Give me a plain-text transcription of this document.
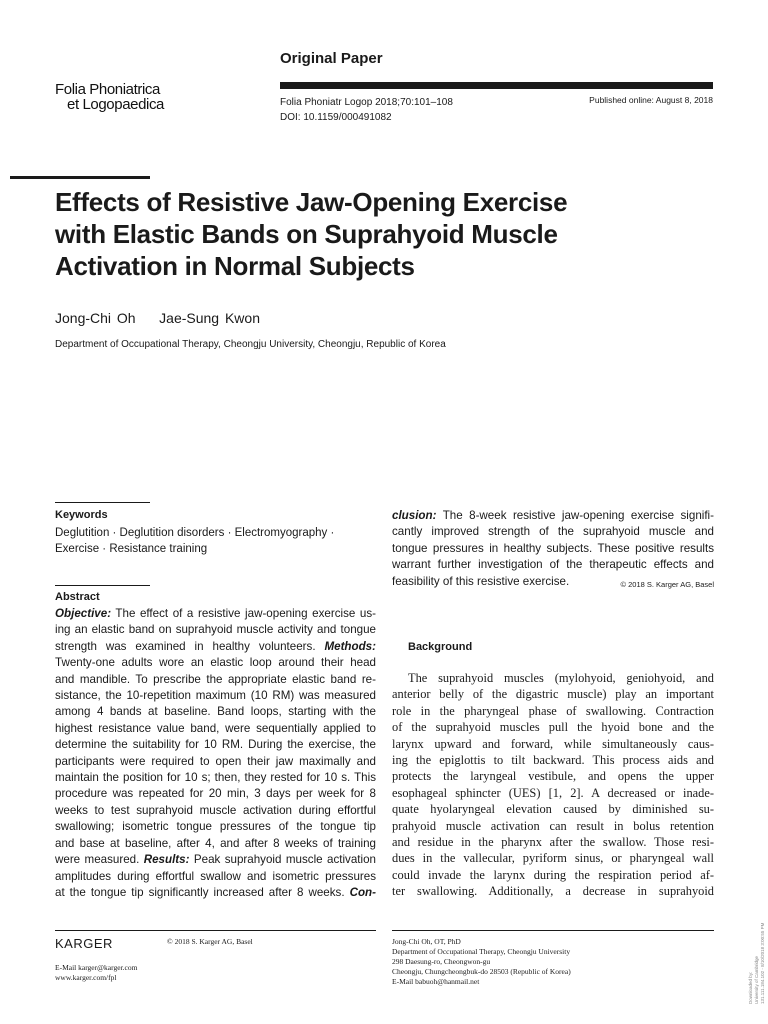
Original Paper
Folia Phoniatrica
et Logopaedica	Folia Phoniatr Logop 2018;70:101–108
DOI: 10.1159/000491082
Published online: August 8, 2018
Effects of Resistive Jaw-Opening Exercise
with Elastic Bands on Suprahyoid Muscle
Activation in Normal Subjects
Jong-Chi Oh    Jae-Sung Kwon
Department of Occupational Therapy, Cheongju University, Cheongju, Republic of Korea
Keywords
Deglutition · Deglutition disorders · Electromyography ·
Exercise · Resistance training
Abstract
Objective: The effect of a resistive jaw-opening exercise us-
ing an elastic band on suprahyoid muscle activity and tongue
strength was examined in healthy volunteers. Methods:
Twenty-one adults wore an elastic loop around their head
and mandible. To prescribe the appropriate elastic band re-
sistance, the 10-repetition maximum (10 RM) was measured
among 4 bands at baseline. Band loops, starting with the
highest resistance value band, were sequentially applied to
determine the suitability for 10 RM. During the exercise, the
participants were required to open their jaw maximally and
maintain the position for 10 s; then, they rested for 10 s. This
procedure was repeated for 20 min, 3 days per week for 8
weeks to test suprahyoid muscle activation during effortful
swallowing; isometric tongue pressures of the tongue tip
and base at baseline, after 4, and after 8 weeks of training
were measured. Results: Peak suprahyoid muscle activation
amplitudes during effortful swallow and isometric pressures
at the tongue tip significantly increased after 8 weeks. Con-
clusion: The 8-week resistive jaw-opening exercise signifi-
cantly improved strength of the suprahyoid muscle and
tongue pressures in healthy subjects. These positive results
warrant further investigation of the therapeutic effects and
feasibility of this resistive exercise.	© 2018 S. Karger AG, Basel
Background
The suprahyoid muscles (mylohyoid, geniohyoid, and
anterior belly of the digastric muscle) play an important
role in the pharyngeal phase of swallowing. Contraction
of the suprahyoid muscles pull the hyoid bone and the
larynx upward and forward, while simultaneously caus-
ing the epiglottis to tilt backward. This process aids and
protects the laryngeal vestibule, and opens the upper
esophageal sphincter (UES) [1, 2]. A decreased or inade-
quate hyolaryngeal elevation caused by diminished su-
prahyoid muscle activation can result in bolus retention
and residue in the pharynx after the swallow. Those resi-
dues in the vallecular, pyriform sinus, or pharyngeal wall
could invade the larynx during the respiration period af-
ter swallowing. Additionally, a decrease in suprahyoid
KARGER	© 2018 S. Karger AG, Basel
E-Mail karger@karger.com
www.karger.com/fpl
Jong-Chi Oh, OT, PhD
Department of Occupational Therapy, Cheongju University
298 Daesung-ro, Cheongwon-gu
Cheongju, Chungcheongbuk-do 28503 (Republic of Korea)
E-Mail babuoh@hanmail.net	Downloaded by: University of Cambridge 131.111.184.102 - 8/10/2018 3:00:55 PM
